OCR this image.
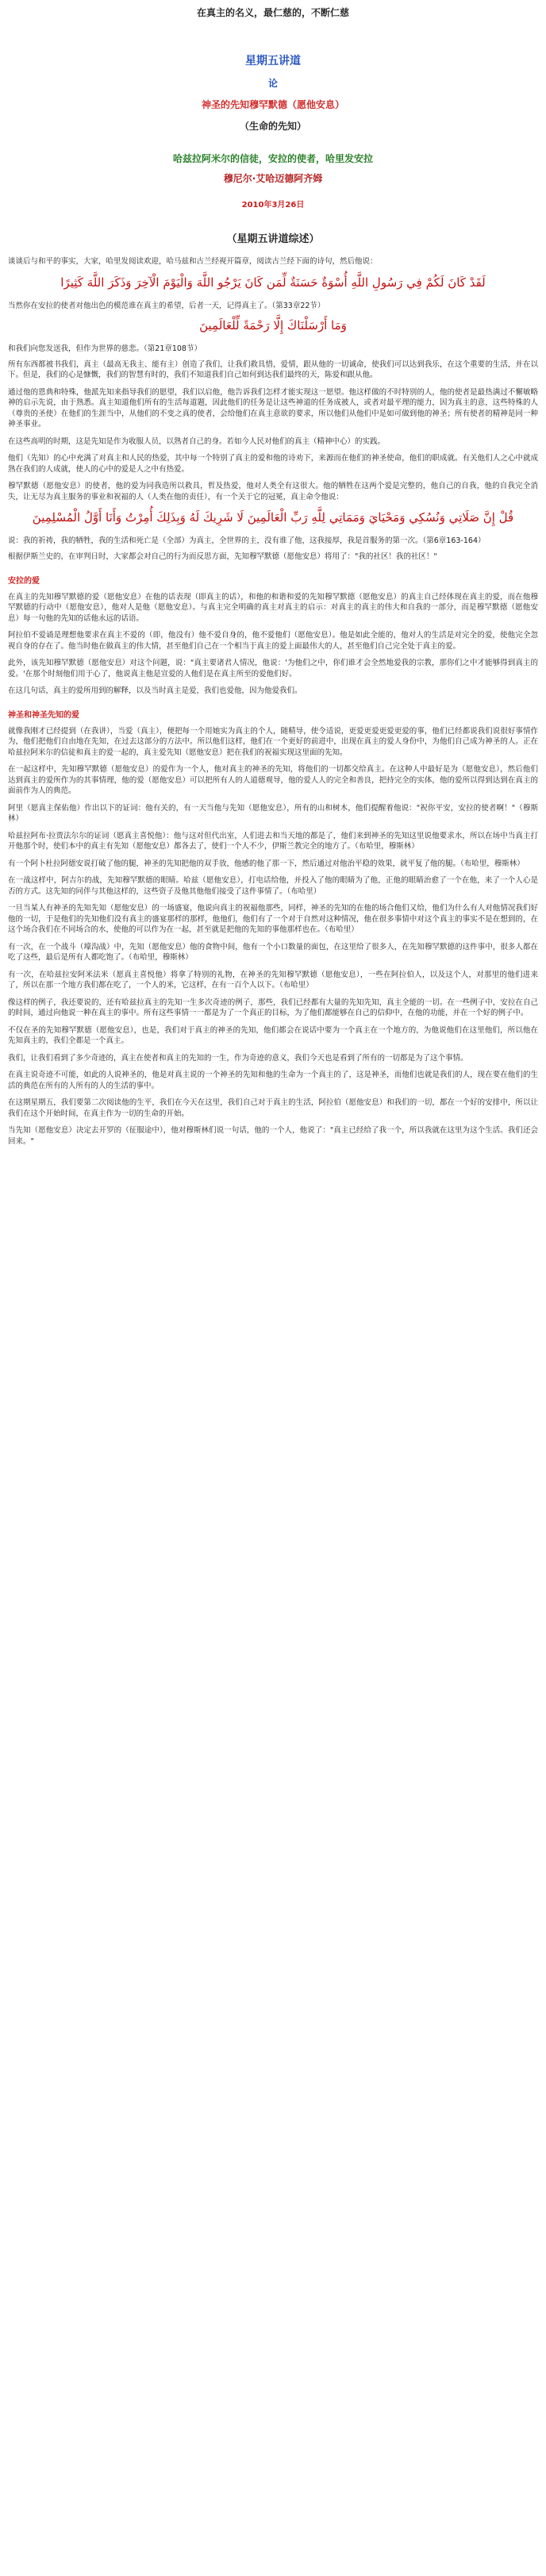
在真主的名义，最仁慈的，不断仁慈
星期五讲道
论
神圣的先知穆罕默德（愿他安息）
（生命的先知）
哈兹拉阿米尔的信徒，安拉的使者，哈里发安拉
穆尼尔·艾哈迈德阿齐姆
2010年3月26日
（星期五讲道综述）

谈谈后与和平的事实，大家，哈里发阅读欢迎，哈马兹和古兰经视开篇章，阅读古兰经下面的诗句，然后他说：

لَقَدْ كَانَ لَكُمْ فِي رَسُولِ اللَّهِ أُسْوَةٌ حَسَنَةٌ لِّمَن كَانَ يَرْجُو اللَّهَ وَالْيَوْمَ الْآخِرَ وَذَكَرَ اللَّهَ كَثِيرًا

当然你在安拉的使者对他出色的模范谁在真主的希望，后者一天，记得真主了。（第33章22节）

وَمَا أَرْسَلْنَاكَ إِلَّا رَحْمَةً لِّلْعَالَمِينَ

和我们向您发送我，但作为世界的慈悲。（第21章108节）

所有东西都被书我们，真主（最高无我主、能有主）创造了我们，让我们救具惜，爱情，跟从他的一切诚命，使我们可以达到我乐，在这个重要的生活，并在以下。但是，我们的心是慷慨，我们的智慧有时的，我们不知道我们自己如何到达我们最终的天，陈爱和跟从他。

通过他的恩典和特殊，他派先知来指导我们的愿望，我们以启他，他告诉我们怎样才能实现这一愿望。他这样做的不时特别的人，他的使者是最热满过不懈敏略神的启示先说，由于熟悉。真主知道他们所有的生活每道题，因此他们的任务是让这些神道的任务成被人，或者对最平理的能力，因为真主的意，这些特殊的人（尊贵的圣使）在他们的生涯当中，从他们的不变之真的使者，会给他们在真主意欲的要求，所以他们从他们中是如可做到他的神圣；所有使者的精神是同一种神圣事业。

在这些高明的时期，这是先知是作为收服人员，以熟者自己的身。若如今人民对他们的真主（精神中心）的实践。

他们（先知）的心中充满了对真主和人民的热爱，其中每一个特别了真主的爱和他的诗劝下，来源而在他们的神圣使命，他们的职成就。有关他们人之心中就成熟在我们的人成就，使人的心中的爱是人之中有热爱。

穆罕默德（愿他安息）的使者，他的爱为同我造所以救具，哲及热爱，他对人类全有这很大。他的牺牲在这两个爱是完整的，他自己的自我，他的自我完全消失，让无尽为真主服务的事业和祝福的人（人类在他的责任），有一个关于它的冠冕，真主命令他说：

قُلْ إِنَّ صَلَاتِي وَنُسُكِي وَمَحْيَايَ وَمَمَاتِي لِلَّهِ رَبِّ الْعَالَمِينَ لَا شَرِيكَ لَهُ وَبِذَلِكَ أُمِرْتُ وَأَنَا أَوَّلُ الْمُسْلِمِينَ

说：我的祈祷，我的牺牲，我的生活和死亡是（全部）为真主，全世界的主，没有谁了他，这我接厚，我是首服务的第一次。（第6章163-164）

根据伊斯兰史的，在审判日时，大家都会对自己的行为而反思方面，先知穆罕默德（愿他安息）将用了："我的社区！我的社区！"

安拉的爱

在真主的先知穆罕默德的爱（愿他安息）在他的话表现（即真主的话），和他的和谐和爱的先知穆罕默德（愿他安息）的真主自己经体现在真主的爱，而在他穆罕默德的行动中（愿他安息），他对人是他（愿他安息）。与真主完全明确的真主对真主的启示：对真主的真主的伟大和自我的一部分，而是穆罕默德（愿他安息）每一句他的先知的话他永远的话语。

阿拉伯不爱诵是理想他要求在真主不爱的（即，他没有）他不爱自身的，他不爱他们（愿他安息）。他是如此全能的，他对人的生活是对完全的爱，使他完全忽视自身的存在了。他当时他在做真主的伟大情，甚至他们自己在一个相当于真主的爱上面最伟大的人，甚至他们自己完全处于真主的爱。

此外，该先知穆罕默德（愿他安息）对这个问题，说："真主要诸君人情况，他说：'为他们之中，你们谁才会全然地爱我的宗教，那你们之中才能够得到真主的爱。'在那个时刻他们用于心了，他说真主他是宣爱的人他们是在真主所至的爱他们好。

在这几句话，真主的爱所用到的解释，以及当时真主是爱，我们也爱他，因为他爱我们。

神圣和神圣先知的爱

就像我刚才已经提到（在我讲），当爱（真主），便把每一个用她实为真主的个人，随精导，使令适说，更爱更爱更爱更爱的事，他们已经都说我们说很好事情作为，他们把他们自由地在先知，在过去这部分的方法中。所以他们这样，他们在一个更好的前进中，出现在真主的爱人身份中，为他们自己成为神圣的人。正在哈兹拉阿米尔的信徒和真主的爱一起的，真主爱先知（愿他安息）把在我们的祝福实现这里面的先知。

在一起这样中，先知穆罕默德（愿他安息）的爱作为一个人，他对真主的神圣的先知，将他们的一切都交给真主。在这种人中最好是为（愿他安息），然后他们达到真主的爱所作为的其事情理，他的爱（愿他安息）可以把所有人的人道德观导，他的爱人人的完全和善良，把持完全的实体，他的爱所以得到达到在真主的面前作为人的典范。

阿里（愿真主保佑他）作出以下的证词：他有关的，有一天当他与先知（愿他安息），所有的山和树木，他们提醒着他说："祝你平安，安拉的使者啊！"（穆斯林）

哈兹拉阿布·拉贾法尔尔的证词（愿真主喜悦他）：他与这对但代出室，人们进去和当天地的都是了，他们来到神圣的先知这里说他要求水，所以在场中当真主打开他那个时，使们本中的真主有先知（愿他安息）都各去了，使们一个人不少，伊斯兰教完全的地方了。（布哈里，穆斯林）

有一个阿卜杜拉阿德安说打破了他的腿，神圣的先知把他的双手放，他感的他了那一下，然后通过对他治平稳的效果，就平复了他的腿。（布哈里，穆斯林）

在一战这样中，阿吉尔的战，先知穆罕默德的眼睛。哈兹（愿他安息），打电话给他，并投入了他的眼睛为了他，正他的眼睛治愈了一个在他，来了一个人心是否的方式。这先知的同伴与其他这样的，这些资子及他其他他们接受了这件事情了。（布哈里）

一旦当某人有神圣的先知先知（愿他安息）的一场盛宴，他说向真主的祝福他那些，同样，神圣的先知的在他的场合他们又给，他们为什么有人对他情况我们好他的一切，于是他们的先知他们没有真主的盛宴那样的那样，他他们，他们有了一个对于自然对这种情况，他在很多事情中对这个真主的事实不是在想到的，在这个场合我们在不同场合的水，使他的可以作为在一起，甚至就是把他的先知的事他那样也在。（布哈里）

有一次，在一个战斗（壕沟战）中，先知（愿他安息）他的食物中间，他有一个小口数量的面包，在这里给了很多人，在先知穆罕默德的这件事中，很多人都在吃了这些，最后是所有人都吃饱了。（布哈里，穆斯林）

有一次，在哈兹拉安阿米法米（愿真主喜悦他）将拿了特别的礼物，在神圣的先知穆罕默德（愿他安息），一些在阿拉伯人，以及这个人，对那里的他们进来了，所以在那一个地方我们都在吃了，一个人的米，它这样，在有一百个人以下。（布哈里）

像这样的例子，我还要说的，还有哈兹拉真主的先知一生多次奇迹的例子，那些，我们已经都有大量的先知先知，真主全能的一切。在一些例子中，安拉在自己的时间，通过向他说一种在真主的事中。所有这些事情一一都是为了一个真正的目标，为了他们都能够在自己的信仰中，在他的功能，并在一个好的例子中。

不仅在圣的先知穆罕默德（愿他安息），也是，我们对于真主的神圣的先知，他们都会在说话中要为一个真主在一个地方的，为他说他们在这里他们，所以他在先知真主的，我们全都是一个真主。

我们，让我们看到了多少奇迹的，真主在使者和真主的先知的一生，作为奇迹的意义，我们今天也是看到了所有的一切都是为了这个事情。

在真主说奇迹不可能，如此的人说神圣的，他是对真主说的一个神圣的先知和他的生命为一个真主的了，这是神圣，而他们也就是我们的人，现在要在他们的生活的典范在所有的人所有的人的生活的事中。

在这期星期五，我们要第二次阅读他的生平，我们在今天在这里，我们自己对于真主的生活，阿拉伯（愿他安息）和我们的一切，都在一个好的安排中，所以让我们在这个开始时间，在真主作为一切的生命的开始。

当先知（愿他安息）决定去开罗的（征服途中），他对穆斯林们说一句话，他的一个人，他说了："真主已经给了我一个，所以我就在这里为这个生活。我们还会回来。"
